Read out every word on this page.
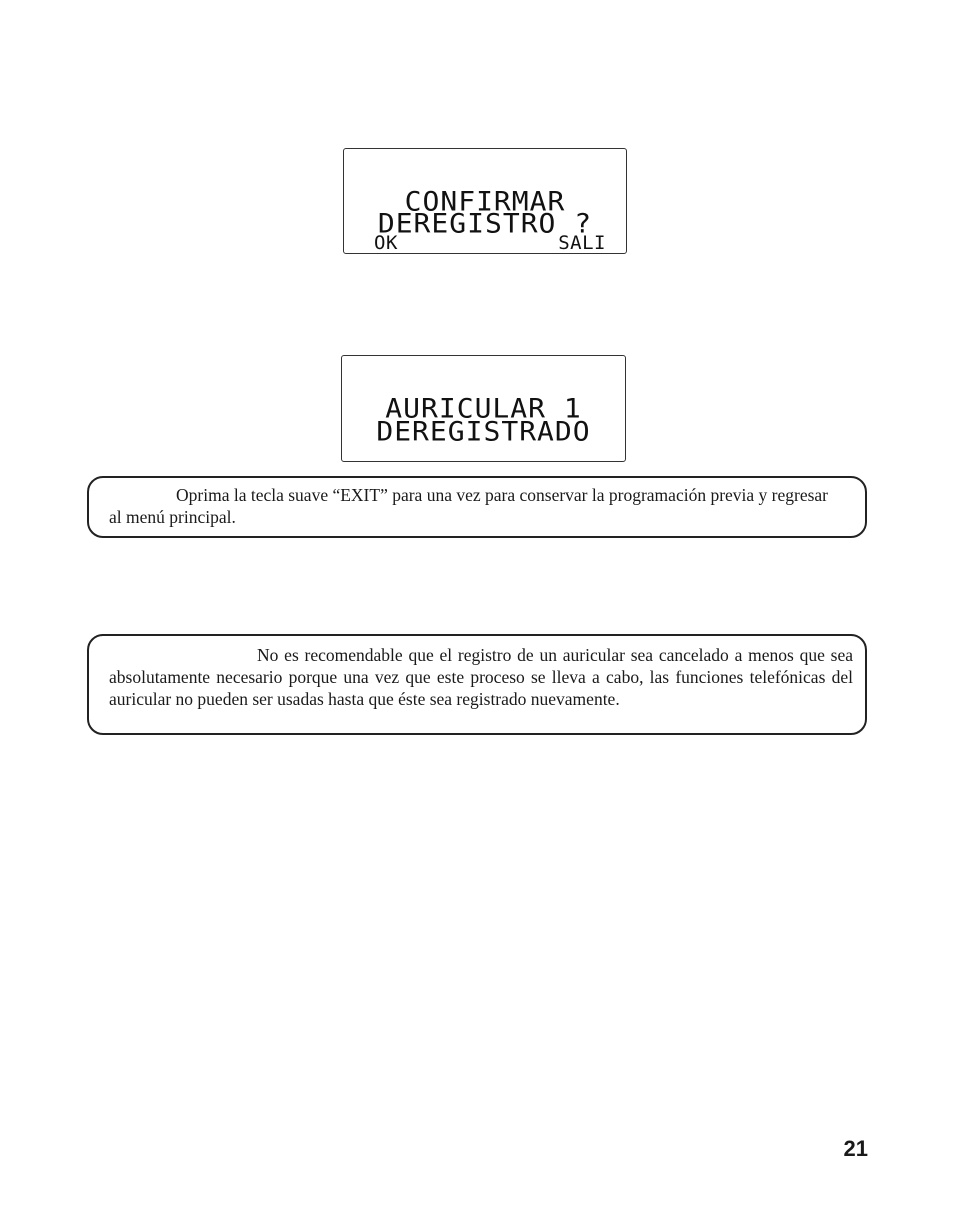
CONFIRMAR
DEREGISTRO ?
OK	SALI
AURICULAR 1
DEREGISTRADO

Oprima la tecla suave “EXIT” para una vez para conservar la programación previa y regresar al menú principal.

No es recomendable que el registro de un auricular sea cancelado a menos que sea absolutamente necesario porque una vez que este proceso se lleva a cabo, las funciones telefónicas del auricular no pueden ser usadas hasta que éste sea registrado nuevamente.

21
